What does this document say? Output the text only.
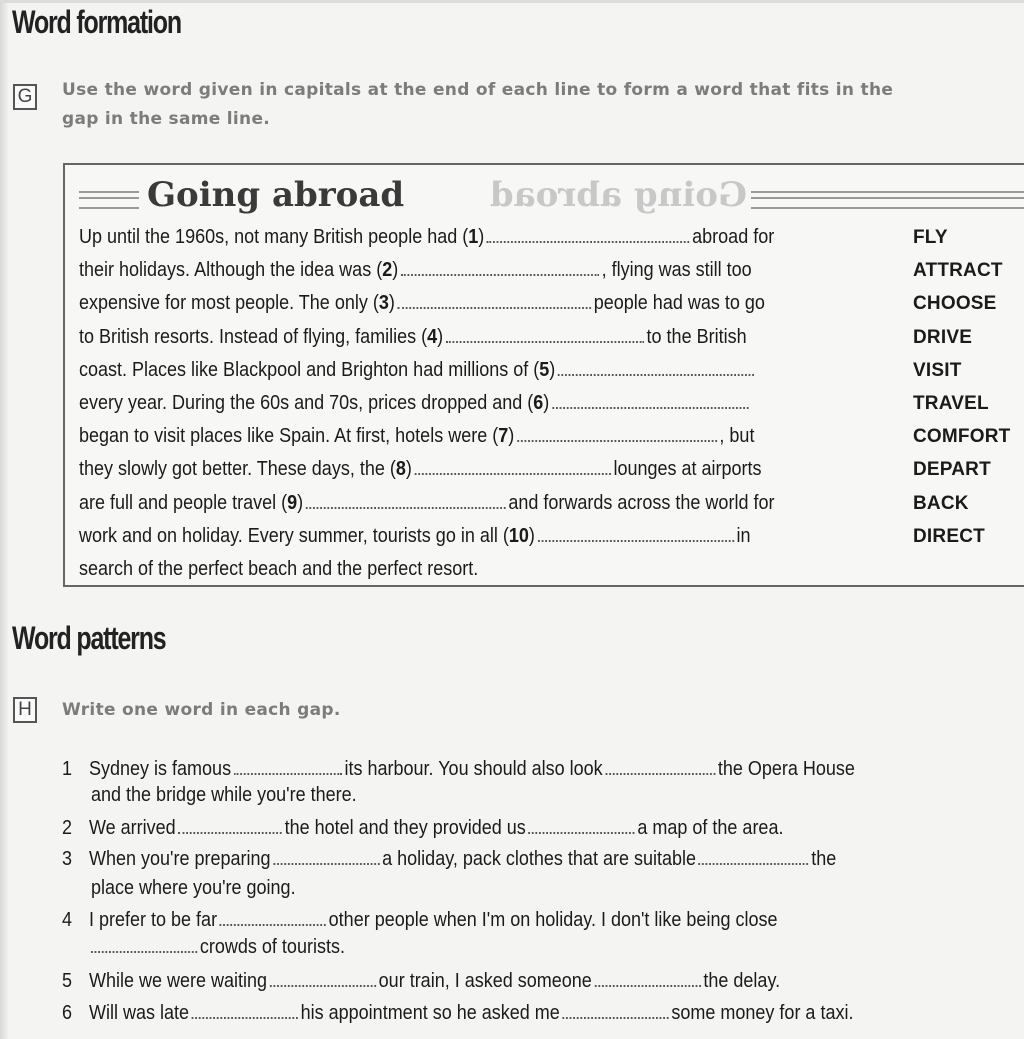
Word formation
G Use the word given in capitals at the end of each line to form a word that fits in the gap in the same line.
Going abroad	Going abroad
Up until the 1960s, not many British people had (1)	abroad for	FLY
their holidays. Although the idea was (2)	, flying was still too	ATTRACT
expensive for most people. The only (3)	people had was to go	CHOOSE
to British resorts. Instead of flying, families (4)	to the British	DRIVE
coast. Places like Blackpool and Brighton had millions of (5)	VISIT
every year. During the 60s and 70s, prices dropped and (6)	TRAVEL
began to visit places like Spain. At first, hotels were (7)	, but	COMFORT
they slowly got better. These days, the (8)	lounges at airports	DEPART
are full and people travel (9)	and forwards across the world for	BACK
work and on holiday. Every summer, tourists go in all (10)	in	DIRECT
search of the perfect beach and the perfect resort.
Word patterns
H	Write one word in each gap.
1 Sydney is famous	its harbour. You should also look	the Opera House
and the bridge while you're there.
2 We arrived	the hotel and they provided us	a map of the area.
3 When you're preparing	a holiday, pack clothes that are suitable	the
place where you're going.
4 I prefer to be far	other people when I'm on holiday. I don't like being close
crowds of tourists.
5 While we were waiting	our train, I asked someone	the delay.
6 Will was late	his appointment so he asked me	some money for a taxi.
